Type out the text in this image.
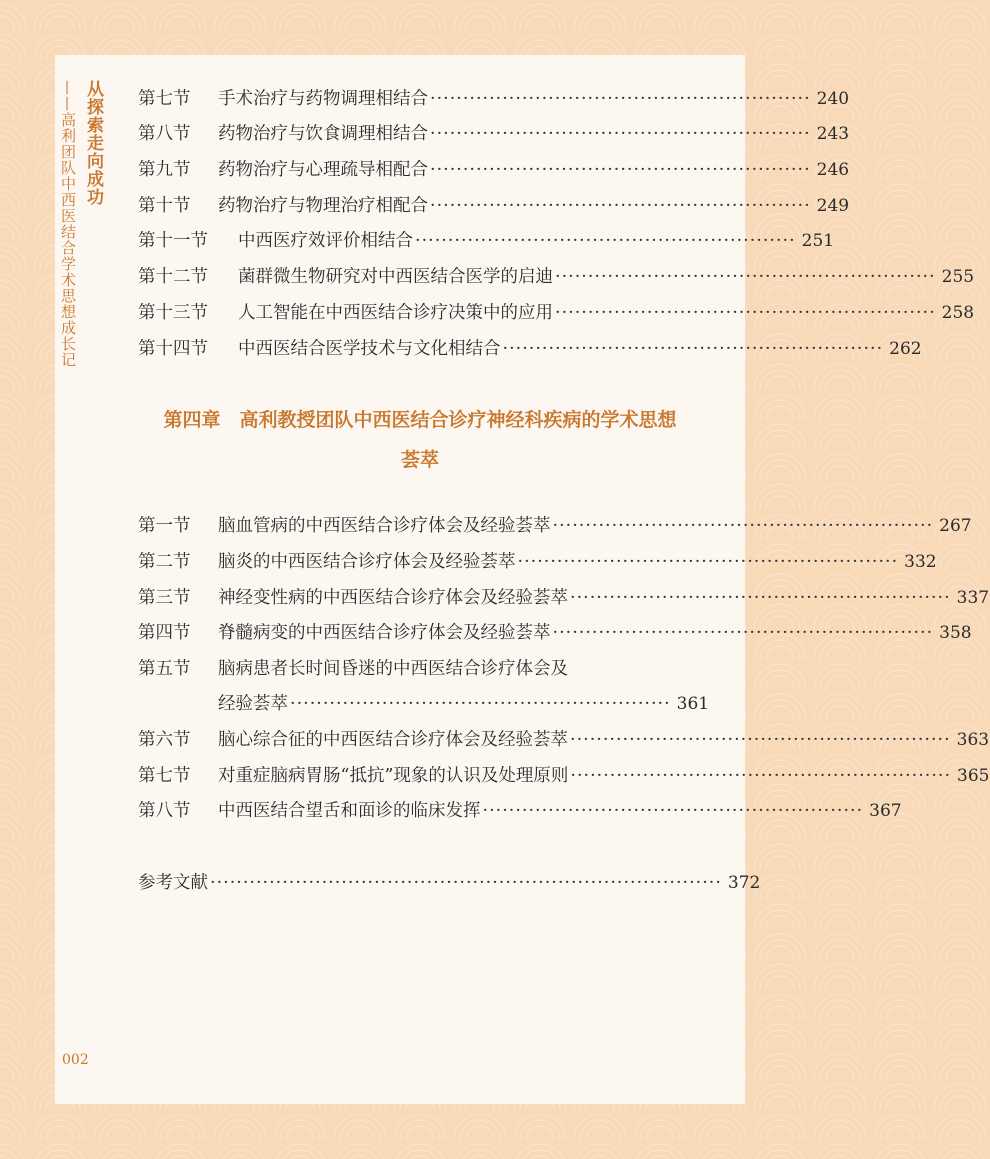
从探索走向成功
——高利团队中西医结合学术思想成长记	第七节	手术治疗与药物调理相结合 ·························································· 240
第八节	药物治疗与饮食调理相结合 ·························································· 243
第九节	药物治疗与心理疏导相配合 ·························································· 246
第十节	药物治疗与物理治疗相配合 ·························································· 249
第十一节	中西医疗效评价相结合 ·························································· 251
第十二节	菌群微生物研究对中西医结合医学的启迪 ·························································· 255
第十三节	人工智能在中西医结合诊疗决策中的应用 ·························································· 258
第十四节	中西医结合医学技术与文化相结合 ·························································· 262
第四章　高利教授团队中西医结合诊疗神经科疾病的学术思想
荟萃
第一节	脑血管病的中西医结合诊疗体会及经验荟萃 ·························································· 267
第二节	脑炎的中西医结合诊疗体会及经验荟萃 ·························································· 332
第三节	神经变性病的中西医结合诊疗体会及经验荟萃 ·························································· 337
第四节	脊髓病变的中西医结合诊疗体会及经验荟萃 ·························································· 358
第五节	脑病患者长时间昏迷的中西医结合诊疗体会及
经验荟萃 ·························································· 361
第六节	脑心综合征的中西医结合诊疗体会及经验荟萃 ·························································· 363
第七节	对重症脑病胃肠“抵抗”现象的认识及处理原则 ·························································· 365
第八节	中西医结合望舌和面诊的临床发挥 ·························································· 367
参考文献 ·············································································· 372
002
